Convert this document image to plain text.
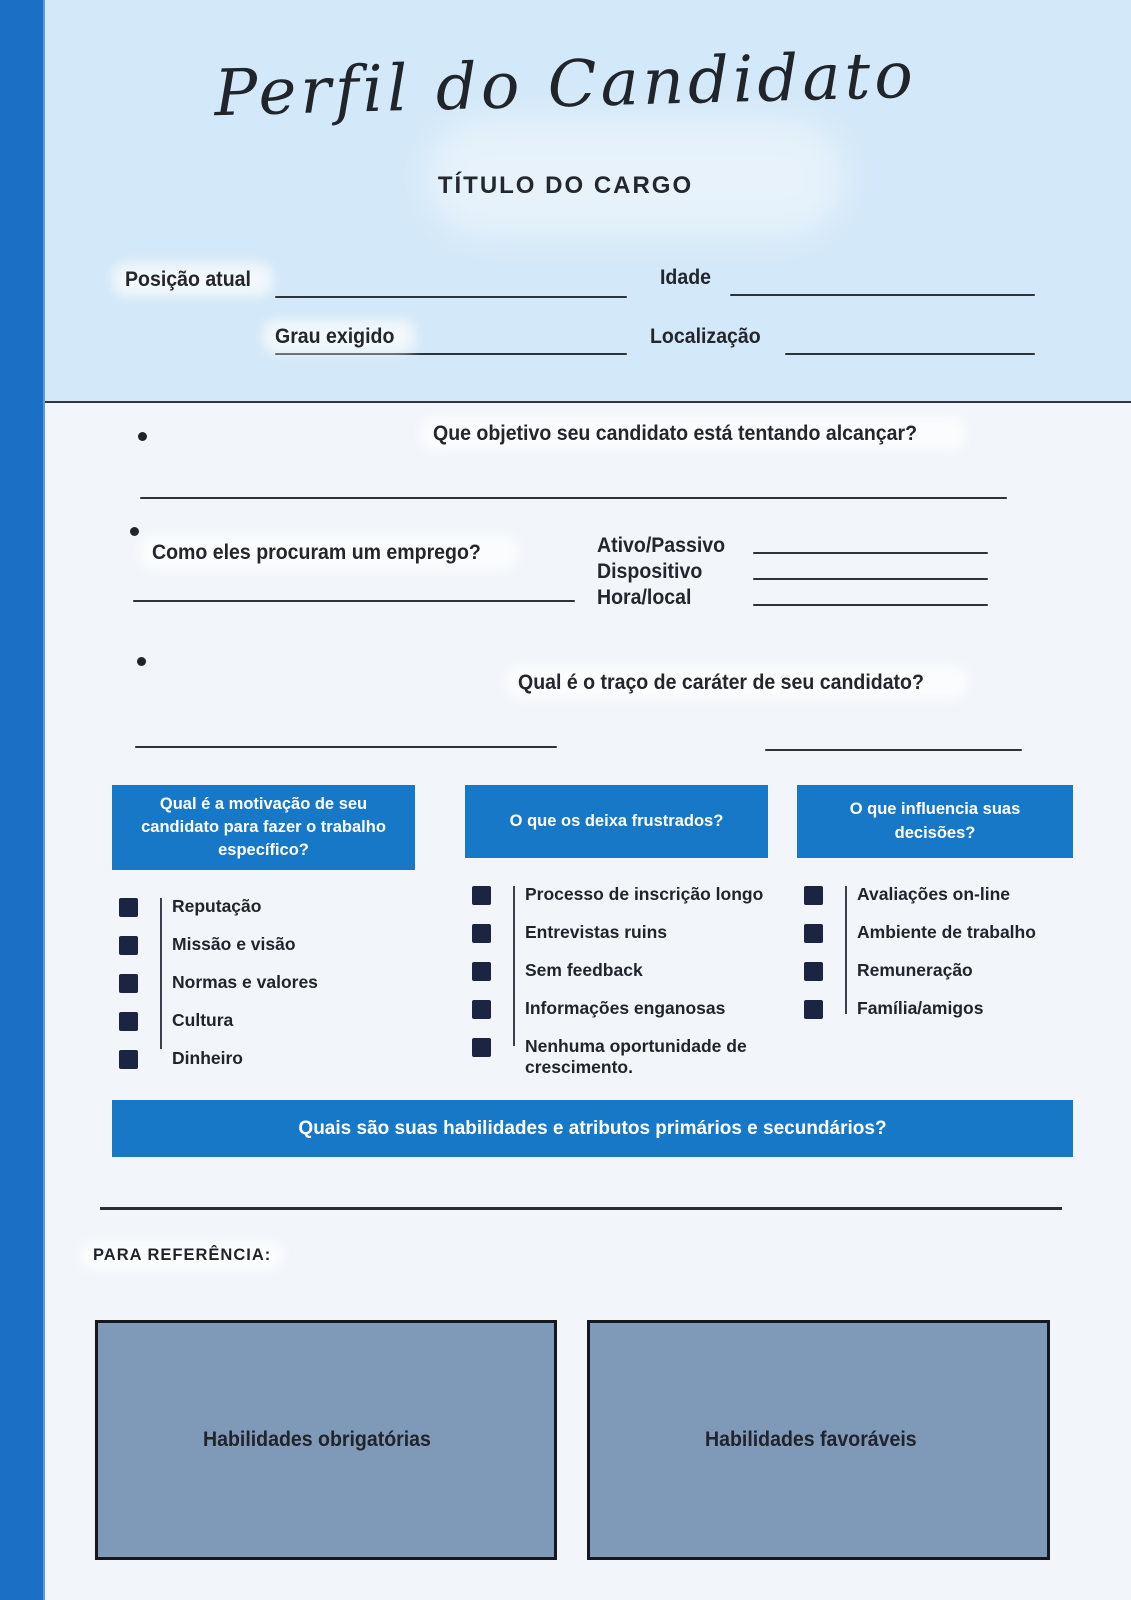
Perfil do Candidato
TÍTULO DO CARGO
Posição atual	Idade
Grau exigido	Localização
Que objetivo seu candidato está tentando alcançar?
Como eles procuram um emprego?	Ativo/Passivo
Dispositivo
Hora/local
Qual é o traço de caráter de seu candidato?
Qual é a motivação de seu candidato para fazer o trabalho específico?
Reputação
Missão e visão
Normas e valores
Cultura
Dinheiro
O que os deixa frustrados?
Processo de inscrição longo
Entrevistas ruins
Sem feedback
Informações enganosas
Nenhuma oportunidade de crescimento.
O que influencia suas decisões?
Avaliações on-line
Ambiente de trabalho
Remuneração
Família/amigos
Quais são suas habilidades e atributos primários e secundários?
PARA REFERÊNCIA:
Habilidades obrigatórias	Habilidades favoráveis
